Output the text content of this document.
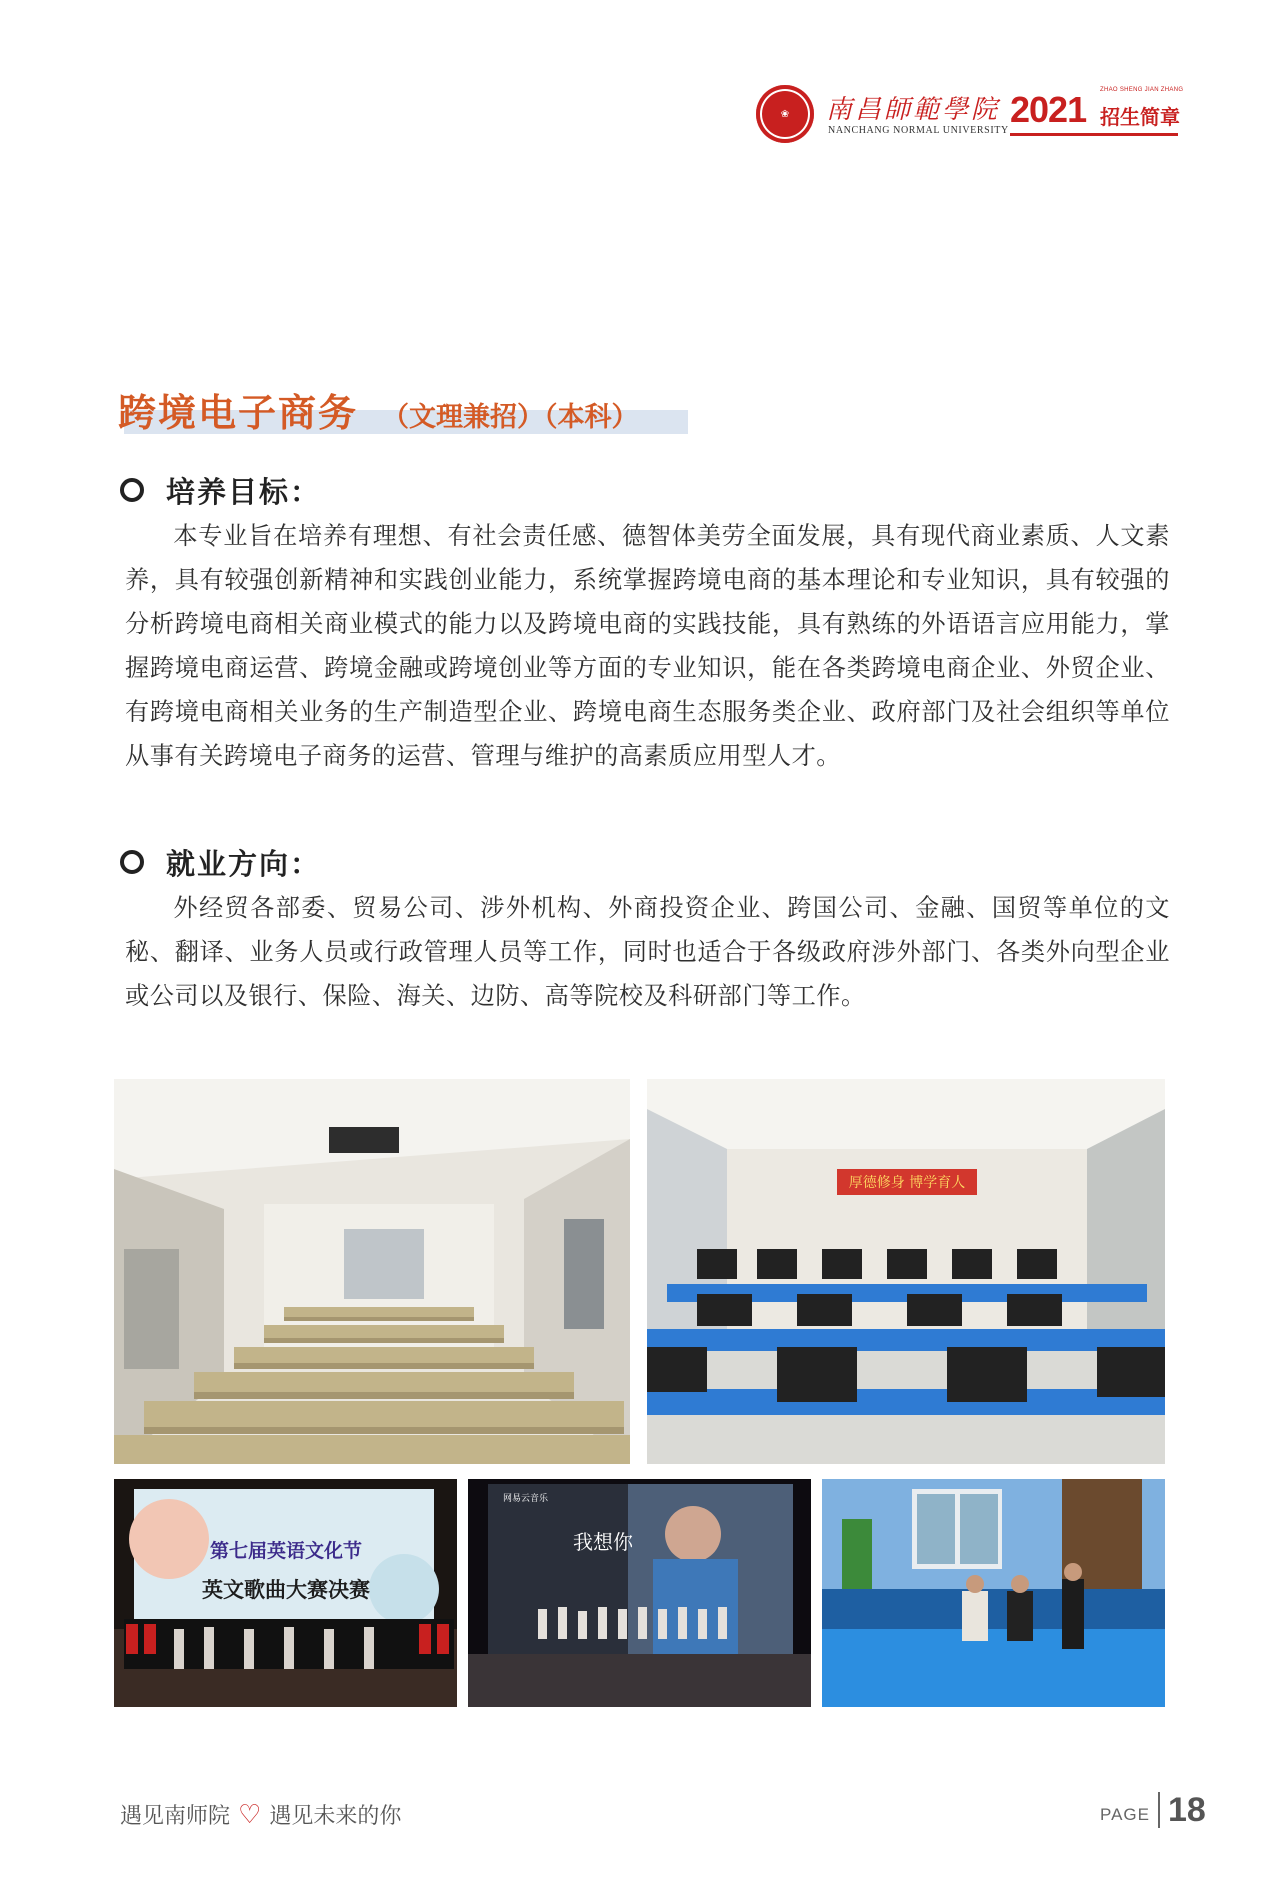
❀	南昌師範學院
NANCHANG NORMAL UNIVERSITY
2021 ZHAO SHENG JIAN ZHANG
招生简章
跨境电子商务 （文理兼招）（本科）
培养目标：

本专业旨在培养有理想、有社会责任感、德智体美劳全面发展，具有现代商业素质、人文素养，具有较强创新精神和实践创业能力，系统掌握跨境电商的基本理论和专业知识，具有较强的分析跨境电商相关商业模式的能力以及跨境电商的实践技能，具有熟练的外语语言应用能力，掌握跨境电商运营、跨境金融或跨境创业等方面的专业知识，能在各类跨境电商企业、外贸企业、有跨境电商相关业务的生产制造型企业、跨境电商生态服务类企业、政府部门及社会组织等单位从事有关跨境电子商务的运营、管理与维护的高素质应用型人才。

就业方向：

外经贸各部委、贸易公司、涉外机构、外商投资企业、跨国公司、金融、国贸等单位的文秘、翻译、业务人员或行政管理人员等工作，同时也适合于各级政府涉外部门、各类外向型企业或公司以及银行、保险、海关、边防、高等院校及科研部门等工作。

厚德修身 博学育人
第七届英语文化节
英文歌曲大赛决赛
网易云音乐
我想你
遇见南师院 ♡ 遇见未来的你	PAGE 18
